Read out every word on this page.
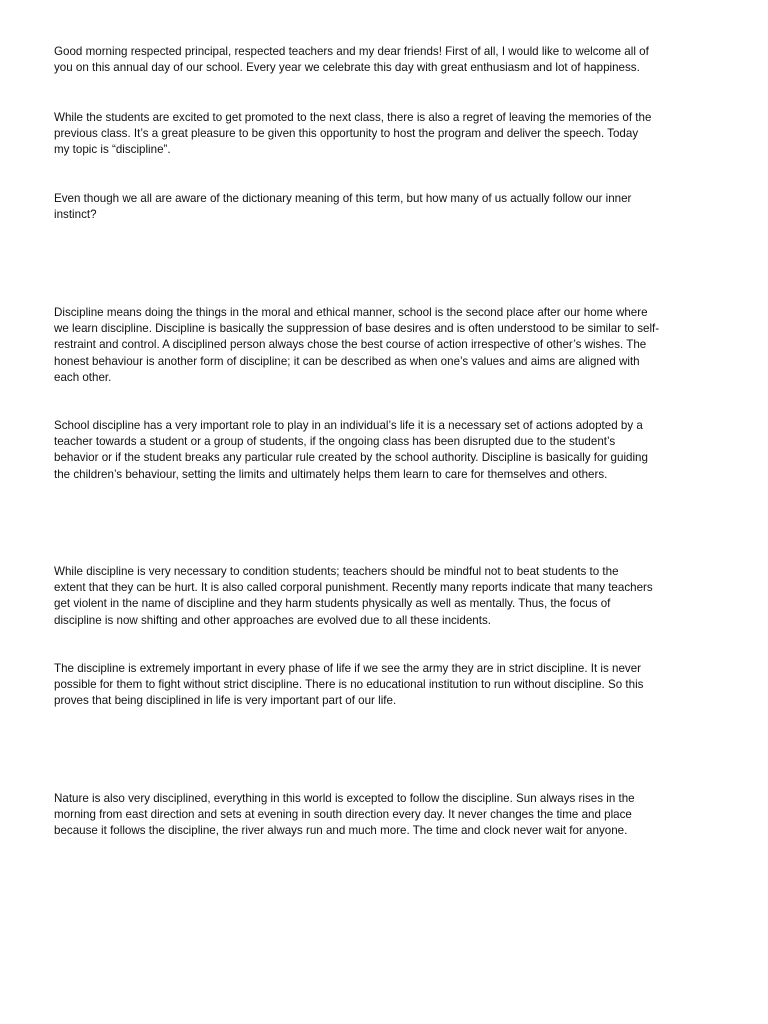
Good morning respected principal, respected teachers and my dear friends! First of all, I would like to welcome all of
you on this annual day of our school. Every year we celebrate this day with great enthusiasm and lot of happiness.

While the students are excited to get promoted to the next class, there is also a regret of leaving the memories of the
previous class. It’s a great pleasure to be given this opportunity to host the program and deliver the speech. Today
my topic is “discipline”.

Even though we all are aware of the dictionary meaning of this term, but how many of us actually follow our inner
instinct?

Discipline means doing the things in the moral and ethical manner, school is the second place after our home where
we learn discipline. Discipline is basically the suppression of base desires and is often understood to be similar to self-
restraint and control. A disciplined person always chose the best course of action irrespective of other’s wishes. The
honest behaviour is another form of discipline; it can be described as when one’s values and aims are aligned with
each other.

School discipline has a very important role to play in an individual’s life it is a necessary set of actions adopted by a
teacher towards a student or a group of students, if the ongoing class has been disrupted due to the student’s
behavior or if the student breaks any particular rule created by the school authority. Discipline is basically for guiding
the children’s behaviour, setting the limits and ultimately helps them learn to care for themselves and others.

While discipline is very necessary to condition students; teachers should be mindful not to beat students to the
extent that they can be hurt. It is also called corporal punishment. Recently many reports indicate that many teachers
get violent in the name of discipline and they harm students physically as well as mentally. Thus, the focus of
discipline is now shifting and other approaches are evolved due to all these incidents.

The discipline is extremely important in every phase of life if we see the army they are in strict discipline. It is never
possible for them to fight without strict discipline. There is no educational institution to run without discipline. So this
proves that being disciplined in life is very important part of our life.

Nature is also very disciplined, everything in this world is excepted to follow the discipline. Sun always rises in the
morning from east direction and sets at evening in south direction every day. It never changes the time and place
because it follows the discipline, the river always run and much more. The time and clock never wait for anyone.
